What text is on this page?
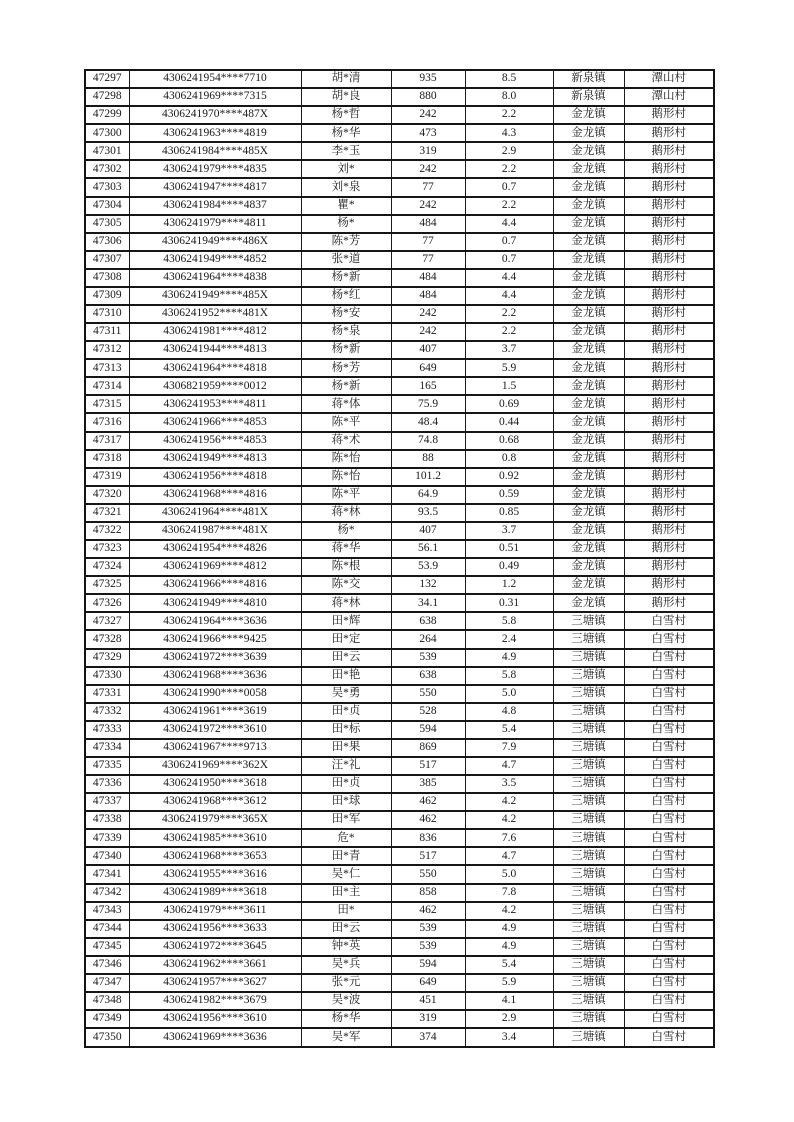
47297	4306241954****7710	胡*清	935	8.5	新泉镇	潭山村
47298	4306241969****7315	胡*良	880	8.0	新泉镇	潭山村
47299	4306241970****487X	杨*哲	242	2.2	金龙镇	鹅形村
47300	4306241963****4819	杨*华	473	4.3	金龙镇	鹅形村
47301	4306241984****485X	李*玉	319	2.9	金龙镇	鹅形村
47302	4306241979****4835	刘*	242	2.2	金龙镇	鹅形村
47303	4306241947****4817	刘*泉	77	0.7	金龙镇	鹅形村
47304	4306241984****4837	瞿*	242	2.2	金龙镇	鹅形村
47305	4306241979****4811	杨*	484	4.4	金龙镇	鹅形村
47306	4306241949****486X	陈*芳	77	0.7	金龙镇	鹅形村
47307	4306241949****4852	张*道	77	0.7	金龙镇	鹅形村
47308	4306241964****4838	杨*新	484	4.4	金龙镇	鹅形村
47309	4306241949****485X	杨*红	484	4.4	金龙镇	鹅形村
47310	4306241952****481X	杨*安	242	2.2	金龙镇	鹅形村
47311	4306241981****4812	杨*泉	242	2.2	金龙镇	鹅形村
47312	4306241944****4813	杨*新	407	3.7	金龙镇	鹅形村
47313	4306241964****4818	杨*芳	649	5.9	金龙镇	鹅形村
47314	4306821959****0012	杨*新	165	1.5	金龙镇	鹅形村
47315	4306241953****4811	蒋*体	75.9	0.69	金龙镇	鹅形村
47316	4306241966****4853	陈*平	48.4	0.44	金龙镇	鹅形村
47317	4306241956****4853	蒋*术	74.8	0.68	金龙镇	鹅形村
47318	4306241949****4813	陈*怡	88	0.8	金龙镇	鹅形村
47319	4306241956****4818	陈*怡	101.2	0.92	金龙镇	鹅形村
47320	4306241968****4816	陈*平	64.9	0.59	金龙镇	鹅形村
47321	4306241964****481X	蒋*林	93.5	0.85	金龙镇	鹅形村
47322	4306241987****481X	杨*	407	3.7	金龙镇	鹅形村
47323	4306241954****4826	蒋*华	56.1	0.51	金龙镇	鹅形村
47324	4306241969****4812	陈*根	53.9	0.49	金龙镇	鹅形村
47325	4306241966****4816	陈*交	132	1.2	金龙镇	鹅形村
47326	4306241949****4810	蒋*林	34.1	0.31	金龙镇	鹅形村
47327	4306241964****3636	田*辉	638	5.8	三塘镇	白雪村
47328	4306241966****9425	田*定	264	2.4	三塘镇	白雪村
47329	4306241972****3639	田*云	539	4.9	三塘镇	白雪村
47330	4306241968****3636	田*艳	638	5.8	三塘镇	白雪村
47331	4306241990****0058	吴*勇	550	5.0	三塘镇	白雪村
47332	4306241961****3619	田*贞	528	4.8	三塘镇	白雪村
47333	4306241972****3610	田*标	594	5.4	三塘镇	白雪村
47334	4306241967****9713	田*果	869	7.9	三塘镇	白雪村
47335	4306241969****362X	汪*礼	517	4.7	三塘镇	白雪村
47336	4306241950****3618	田*贞	385	3.5	三塘镇	白雪村
47337	4306241968****3612	田*球	462	4.2	三塘镇	白雪村
47338	4306241979****365X	田*军	462	4.2	三塘镇	白雪村
47339	4306241985****3610	危*	836	7.6	三塘镇	白雪村
47340	4306241968****3653	田*青	517	4.7	三塘镇	白雪村
47341	4306241955****3616	吴*仁	550	5.0	三塘镇	白雪村
47342	4306241989****3618	田*主	858	7.8	三塘镇	白雪村
47343	4306241979****3611	田*	462	4.2	三塘镇	白雪村
47344	4306241956****3633	田*云	539	4.9	三塘镇	白雪村
47345	4306241972****3645	钟*英	539	4.9	三塘镇	白雪村
47346	4306241962****3661	吴*兵	594	5.4	三塘镇	白雪村
47347	4306241957****3627	张*元	649	5.9	三塘镇	白雪村
47348	4306241982****3679	吴*波	451	4.1	三塘镇	白雪村
47349	4306241956****3610	杨*华	319	2.9	三塘镇	白雪村
47350	4306241969****3636	吴*军	374	3.4	三塘镇	白雪村
